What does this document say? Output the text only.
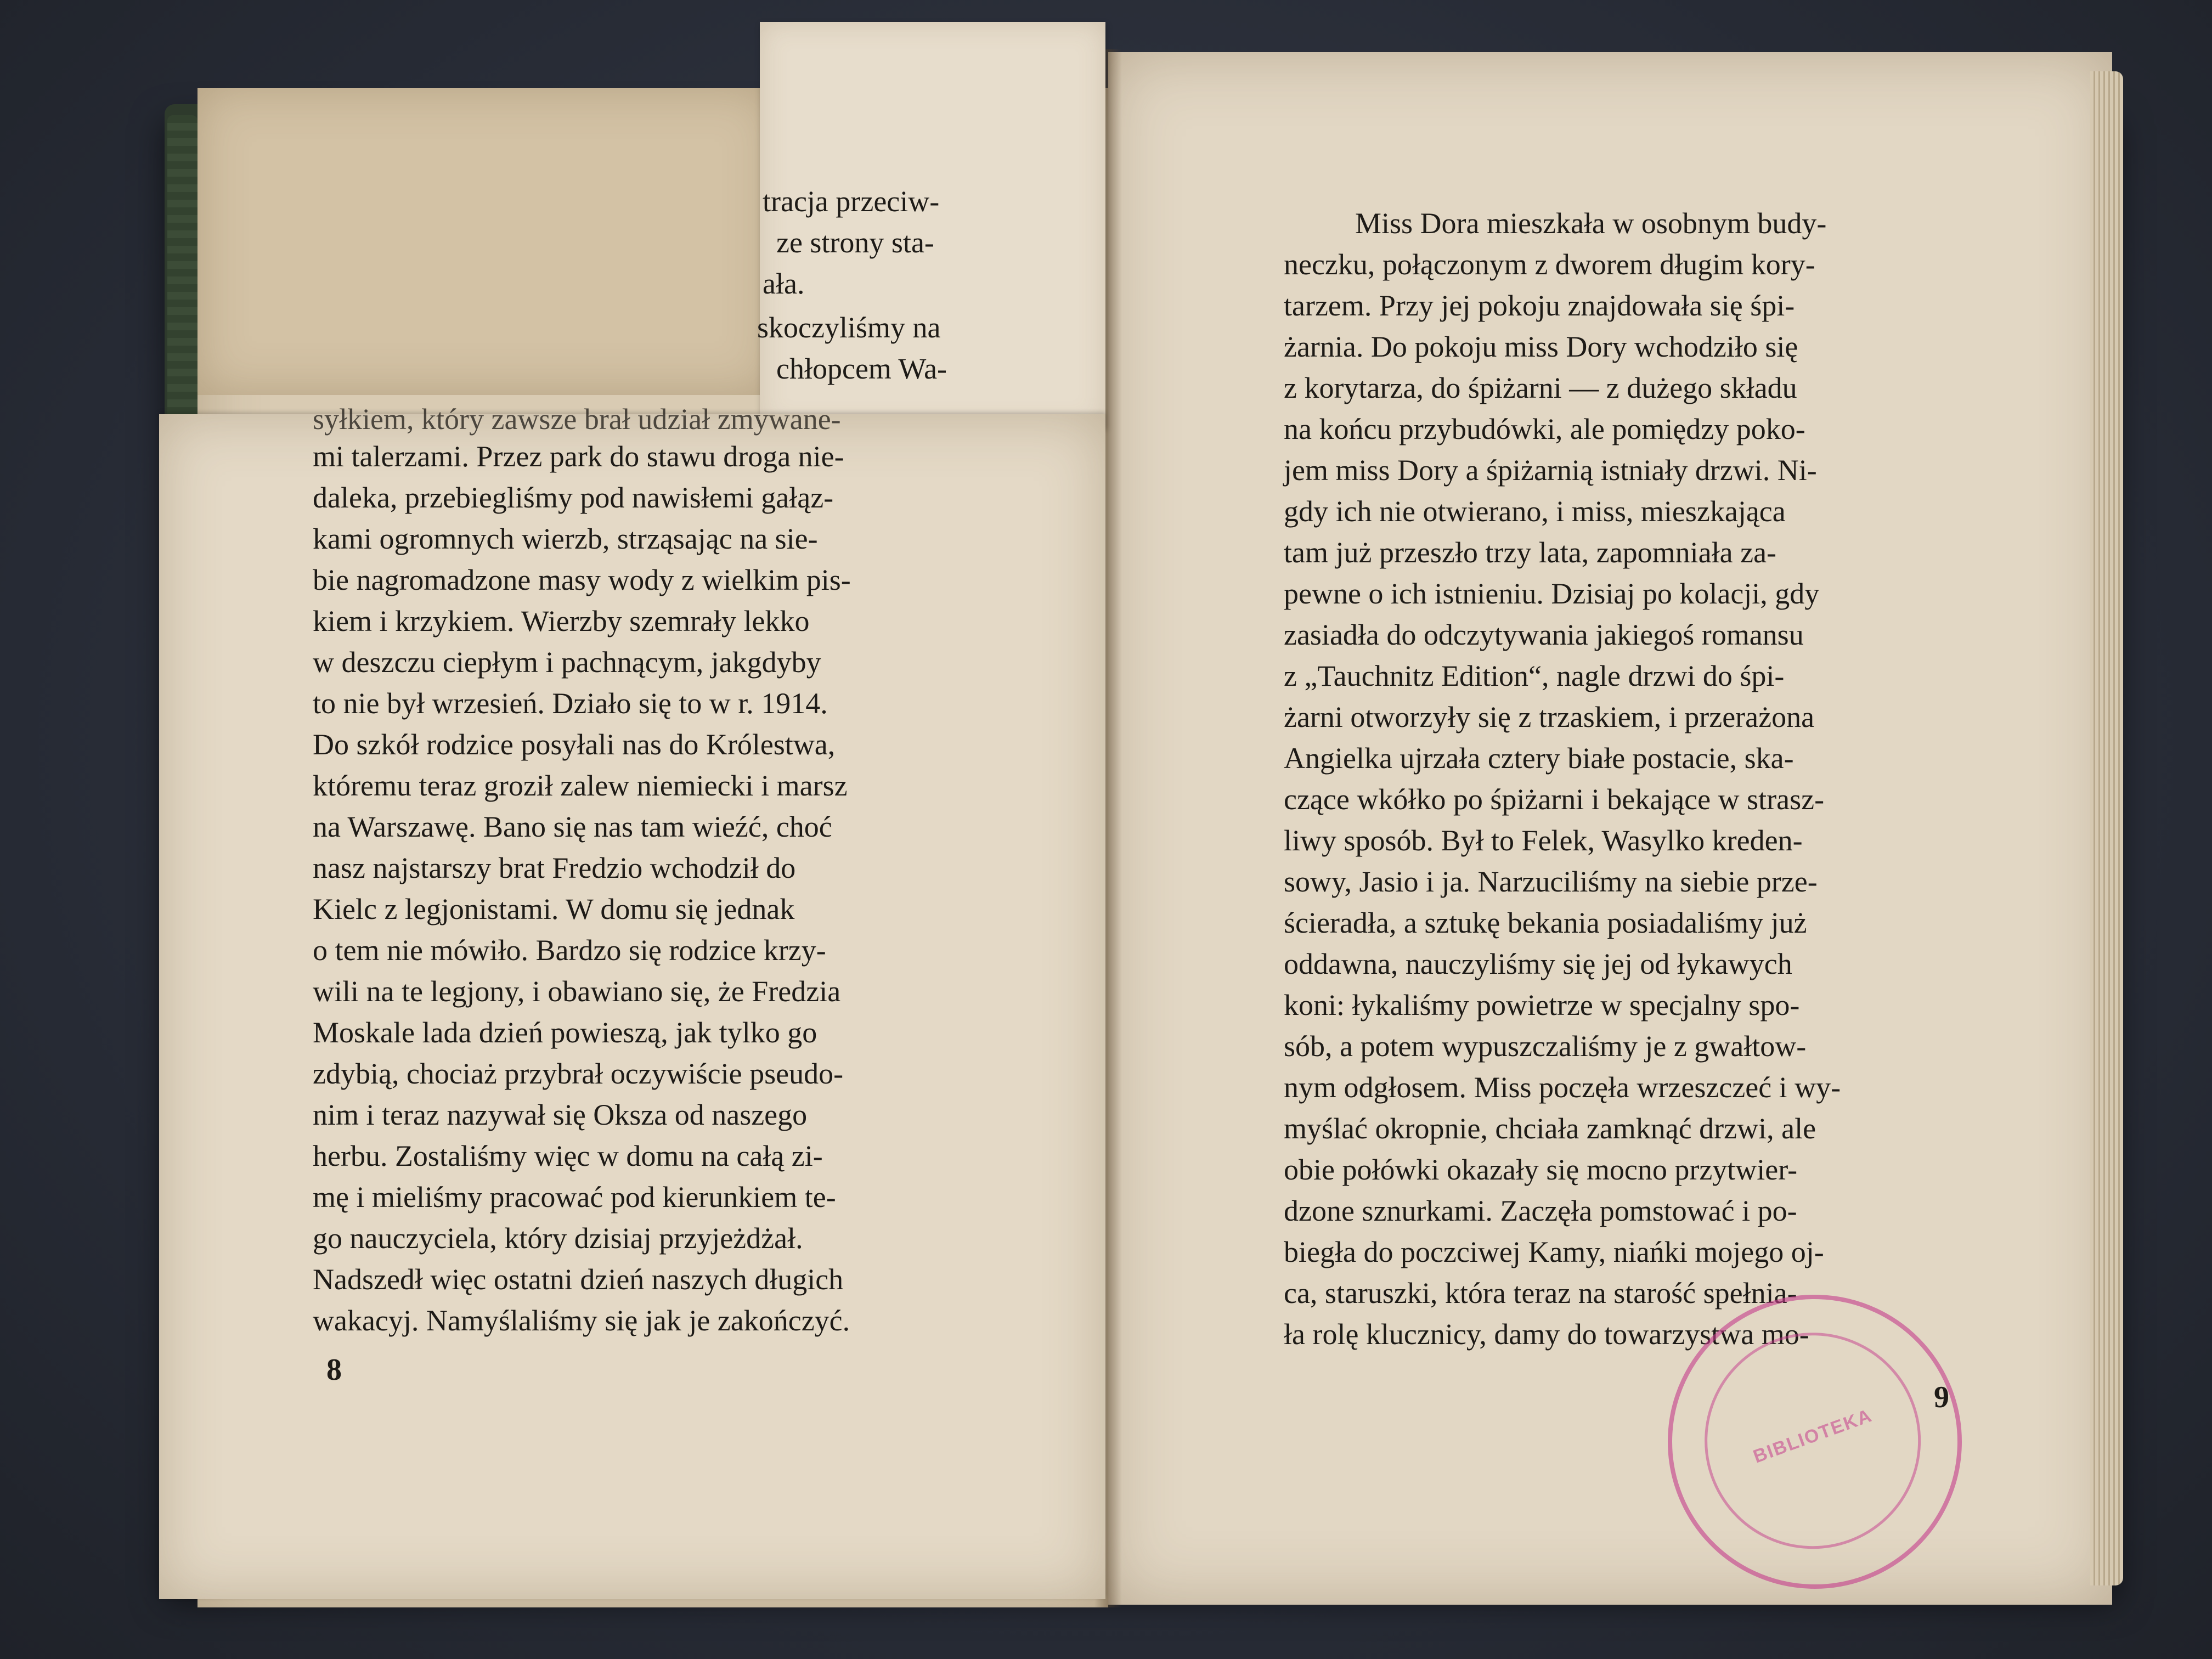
tracja przeciw-

ze strony sta-

ała.

skoczyliśmy na

chłopcem Wa-

syłkiem, który zawsze brał udział zmywane-

mi talerzami. Przez park do stawu droga nie-

daleka, przebiegliśmy pod nawisłemi gałąz-

kami ogromnych wierzb, strząsając na sie-

bie nagromadzone masy wody z wielkim pis-

kiem i krzykiem. Wierzby szemrały lekko

w deszczu ciepłym i pachnącym, jakgdyby

to nie był wrzesień. Działo się to w r. 1914.

Do szkół rodzice posyłali nas do Królestwa,

któremu teraz groził zalew niemiecki i marsz

na Warszawę. Bano się nas tam wieźć, choć

nasz najstarszy brat Fredzio wchodził do

Kielc z legjonistami. W domu się jednak

o tem nie mówiło. Bardzo się rodzice krzy-

wili na te legjony, i obawiano się, że Fredzia

Moskale lada dzień powieszą, jak tylko go

zdybią, chociaż przybrał oczywiście pseudo-

nim i teraz nazywał się Oksza od naszego

herbu. Zostaliśmy więc w domu na całą zi-

mę i mieliśmy pracować pod kierunkiem te-

go nauczyciela, który dzisiaj przyjeżdżał.

Nadszedł więc ostatni dzień naszych długich

wakacyj. Namyślaliśmy się jak je zakończyć.

8

Miss Dora mieszkała w osobnym budy-

neczku, połączonym z dworem długim kory-

tarzem. Przy jej pokoju znajdowała się śpi-

żarnia. Do pokoju miss Dory wchodziło się

z korytarza, do śpiżarni — z dużego składu

na końcu przybudówki, ale pomiędzy poko-

jem miss Dory a śpiżarnią istniały drzwi. Ni-

gdy ich nie otwierano, i miss, mieszkająca

tam już przeszło trzy lata, zapomniała za-

pewne o ich istnieniu. Dzisiaj po kolacji, gdy

zasiadła do odczytywania jakiegoś romansu

z „Tauchnitz Edition“, nagle drzwi do śpi-

żarni otworzyły się z trzaskiem, i przerażona

Angielka ujrzała cztery białe postacie, ska-

czące wkółko po śpiżarni i bekające w strasz-

liwy sposób. Był to Felek, Wasylko kreden-

sowy, Jasio i ja. Narzuciliśmy na siebie prze-

ścieradła, a sztukę bekania posiadaliśmy już

oddawna, nauczyliśmy się jej od łykawych

koni: łykaliśmy powietrze w specjalny spo-

sób, a potem wypuszczaliśmy je z gwałtow-

nym odgłosem. Miss poczęła wrzeszczeć i wy-

myślać okropnie, chciała zamknąć drzwi, ale

obie połówki okazały się mocno przytwier-

dzone sznurkami. Zaczęła pomstować i po-

biegła do poczciwej Kamy, niańki mojego oj-

ca, staruszki, która teraz na starość spełnia-

ła rolę klucznicy, damy do towarzystwa mo-

9

BIBLIOTEKA
